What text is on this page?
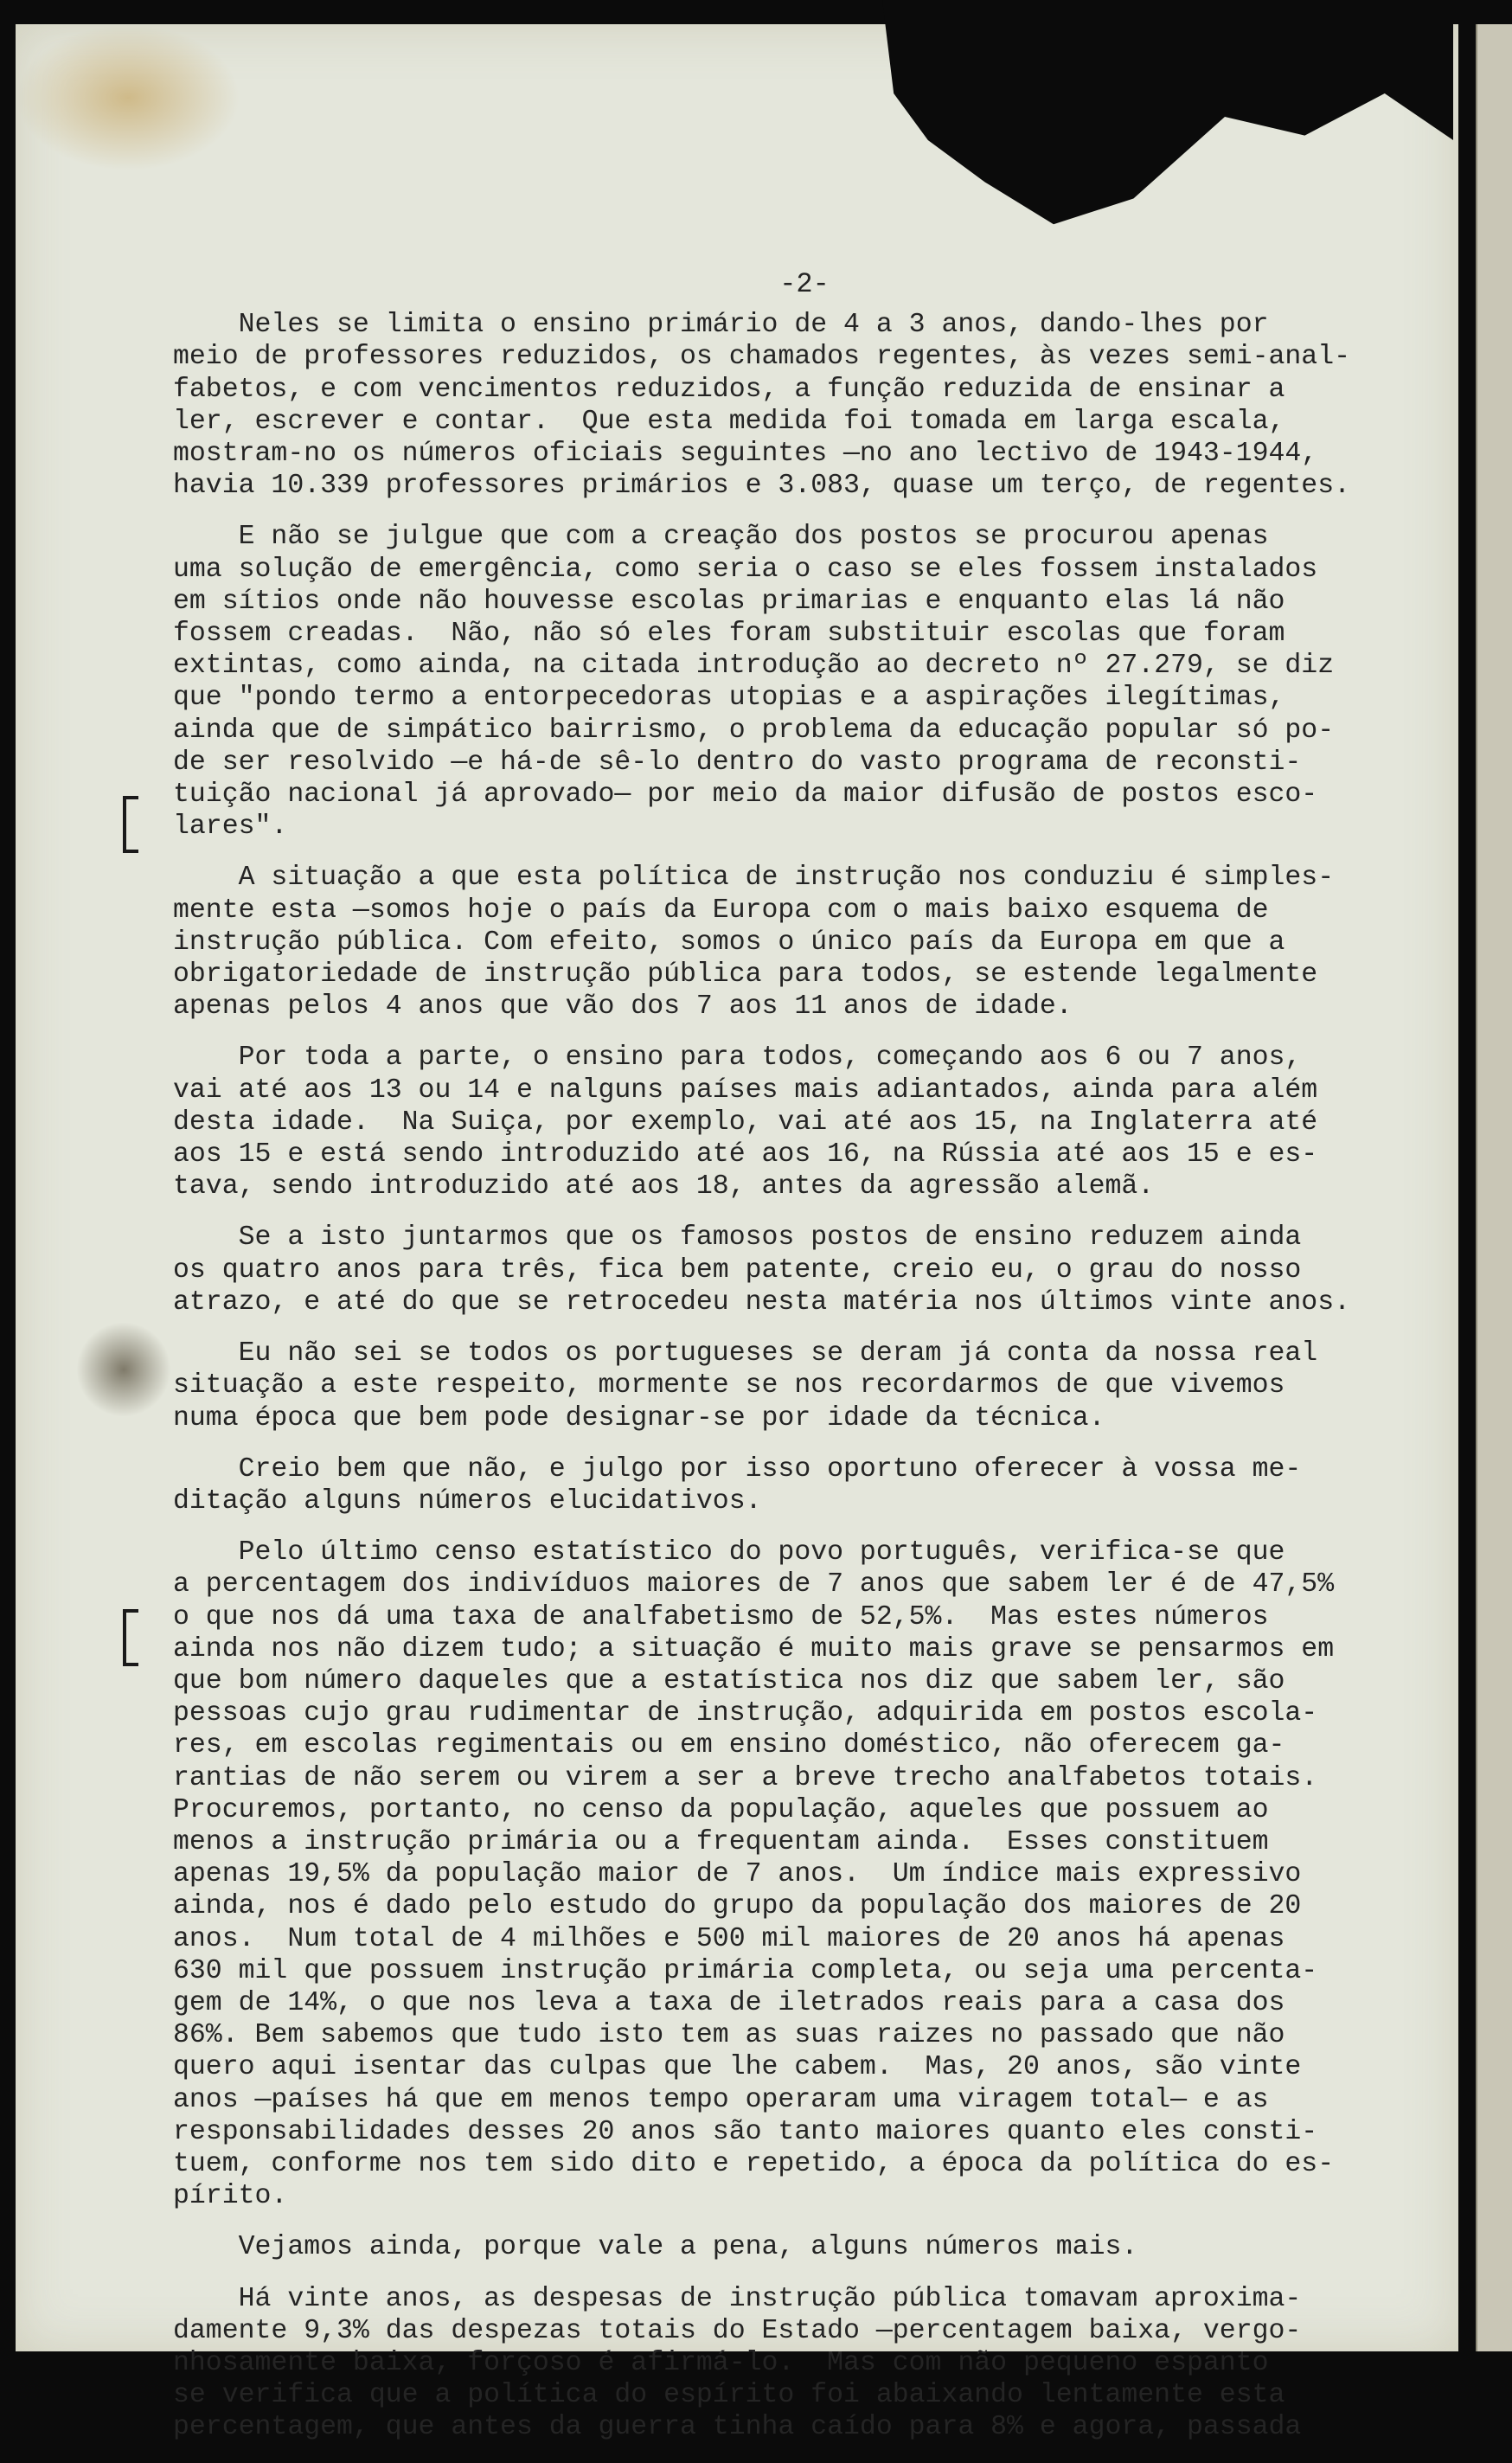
-2-
Neles se limita o ensino primário de 4 a 3 anos, dando-lhes por
meio de professores reduzidos, os chamados regentes, às vezes semi-anal-
fabetos, e com vencimentos reduzidos, a função reduzida de ensinar a
ler, escrever e contar.  Que esta medida foi tomada em larga escala,
mostram-no os números oficiais seguintes —no ano lectivo de 1943-1944,
havia 10.339 professores primários e 3.083, quase um terço, de regentes.
E não se julgue que com a creação dos postos se procurou apenas
uma solução de emergência, como seria o caso se eles fossem instalados
em sítios onde não houvesse escolas primarias e enquanto elas lá não
fossem creadas.  Não, não só eles foram substituir escolas que foram
extintas, como ainda, na citada introdução ao decreto nº 27.279, se diz
que "pondo termo a entorpecedoras utopias e a aspirações ilegítimas,
ainda que de simpático bairrismo, o problema da educação popular só po-
de ser resolvido —e há-de sê-lo dentro do vasto programa de reconsti-
tuição nacional já aprovado— por meio da maior difusão de postos esco-
lares".
A situação a que esta política de instrução nos conduziu é simples-
mente esta —somos hoje o país da Europa com o mais baixo esquema de
instrução pública. Com efeito, somos o único país da Europa em que a
obrigatoriedade de instrução pública para todos, se estende legalmente
apenas pelos 4 anos que vão dos 7 aos 11 anos de idade.
Por toda a parte, o ensino para todos, começando aos 6 ou 7 anos,
vai até aos 13 ou 14 e nalguns países mais adiantados, ainda para além
desta idade.  Na Suiça, por exemplo, vai até aos 15, na Inglaterra até
aos 15 e está sendo introduzido até aos 16, na Rússia até aos 15 e es-
tava, sendo introduzido até aos 18, antes da agressão alemã.
Se a isto juntarmos que os famosos postos de ensino reduzem ainda
os quatro anos para três, fica bem patente, creio eu, o grau do nosso
atrazo, e até do que se retrocedeu nesta matéria nos últimos vinte anos.
Eu não sei se todos os portugueses se deram já conta da nossa real
situação a este respeito, mormente se nos recordarmos de que vivemos
numa época que bem pode designar-se por idade da técnica.
Creio bem que não, e julgo por isso oportuno oferecer à vossa me-
ditação alguns números elucidativos.
Pelo último censo estatístico do povo português, verifica-se que
a percentagem dos indivíduos maiores de 7 anos que sabem ler é de 47,5%
o que nos dá uma taxa de analfabetismo de 52,5%.  Mas estes números
ainda nos não dizem tudo; a situação é muito mais grave se pensarmos em
que bom número daqueles que a estatística nos diz que sabem ler, são
pessoas cujo grau rudimentar de instrução, adquirida em postos escola-
res, em escolas regimentais ou em ensino doméstico, não oferecem ga-
rantias de não serem ou virem a ser a breve trecho analfabetos totais.
Procuremos, portanto, no censo da população, aqueles que possuem ao
menos a instrução primária ou a frequentam ainda.  Esses constituem
apenas 19,5% da população maior de 7 anos.  Um índice mais expressivo
ainda, nos é dado pelo estudo do grupo da população dos maiores de 20
anos.  Num total de 4 milhões e 500 mil maiores de 20 anos há apenas
630 mil que possuem instrução primária completa, ou seja uma percenta-
gem de 14%, o que nos leva a taxa de iletrados reais para a casa dos
86%. Bem sabemos que tudo isto tem as suas raizes no passado que não
quero aqui isentar das culpas que lhe cabem.  Mas, 20 anos, são vinte
anos —países há que em menos tempo operaram uma viragem total— e as
responsabilidades desses 20 anos são tanto maiores quanto eles consti-
tuem, conforme nos tem sido dito e repetido, a época da política do es-
pírito.
Vejamos ainda, porque vale a pena, alguns números mais.
Há vinte anos, as despesas de instrução pública tomavam aproxima-
damente 9,3% das despezas totais do Estado —percentagem baixa, vergo-
nhosamente baixa, forçoso é afirmá-lo.  Mas com não pequeno espanto
se verifica que a política do espírito foi abaixando lentamente esta
percentagem, que antes da guerra tinha caído para 8% e agora, passada
